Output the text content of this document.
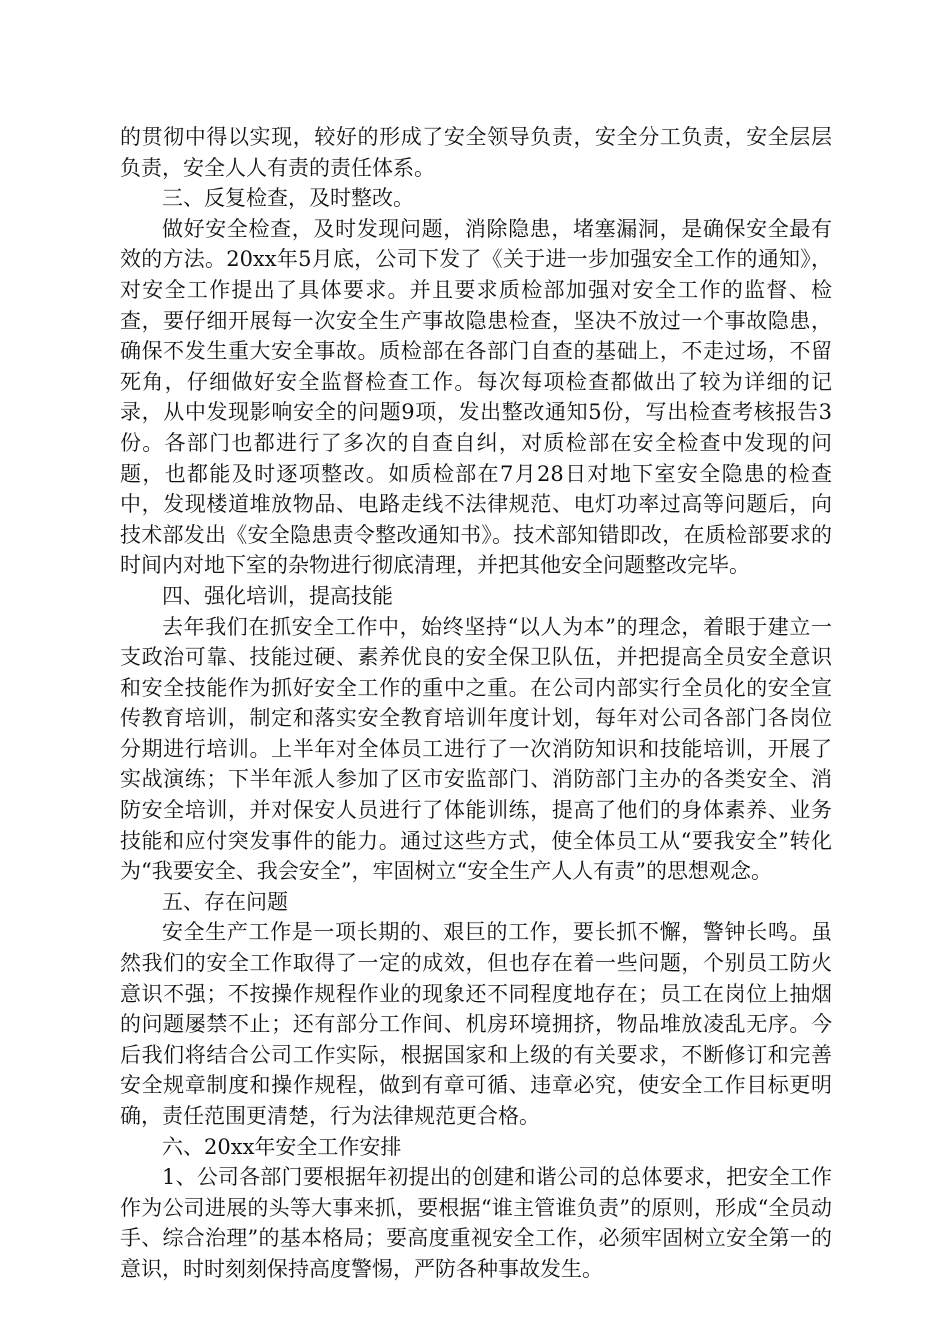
的贯彻中得以实现，较好的形成了安全领导负责，安全分工负责，安全层层负责，安全人人有责的责任体系。

三、反复检查，及时整改。

做好安全检查，及时发现问题，消除隐患，堵塞漏洞，是确保安全最有效的方法。20xx年5月底，公司下发了《关于进一步加强安全工作的通知》，对安全工作提出了具体要求。并且要求质检部加强对安全工作的监督、检查，要仔细开展每一次安全生产事故隐患检查，坚决不放过一个事故隐患，确保不发生重大安全事故。质检部在各部门自查的基础上，不走过场，不留死角，仔细做好安全监督检查工作。每次每项检查都做出了较为详细的记录，从中发现影响安全的问题9项，发出整改通知5份，写出检查考核报告3份。各部门也都进行了多次的自查自纠，对质检部在安全检查中发现的问题，也都能及时逐项整改。如质检部在7月28日对地下室安全隐患的检查中，发现楼道堆放物品、电路走线不法律规范、电灯功率过高等问题后，向技术部发出《安全隐患责令整改通知书》。技术部知错即改，在质检部要求的时间内对地下室的杂物进行彻底清理，并把其他安全问题整改完毕。

四、强化培训，提高技能

去年我们在抓安全工作中，始终坚持“以人为本”的理念，着眼于建立一支政治可靠、技能过硬、素养优良的安全保卫队伍，并把提高全员安全意识和安全技能作为抓好安全工作的重中之重。在公司内部实行全员化的安全宣传教育培训，制定和落实安全教育培训年度计划，每年对公司各部门各岗位分期进行培训。上半年对全体员工进行了一次消防知识和技能培训，开展了实战演练；下半年派人参加了区市安监部门、消防部门主办的各类安全、消防安全培训，并对保安人员进行了体能训练，提高了他们的身体素养、业务技能和应付突发事件的能力。通过这些方式，使全体员工从“要我安全”转化为“我要安全、我会安全”，牢固树立“安全生产人人有责”的思想观念。

五、存在问题

安全生产工作是一项长期的、艰巨的工作，要长抓不懈，警钟长鸣。虽然我们的安全工作取得了一定的成效，但也存在着一些问题，个别员工防火意识不强；不按操作规程作业的现象还不同程度地存在；员工在岗位上抽烟的问题屡禁不止；还有部分工作间、机房环境拥挤，物品堆放凌乱无序。今后我们将结合公司工作实际，根据国家和上级的有关要求，不断修订和完善安全规章制度和操作规程，做到有章可循、违章必究，使安全工作目标更明确，责任范围更清楚，行为法律规范更合格。

六、20xx年安全工作安排

1、公司各部门要根据年初提出的创建和谐公司的总体要求，把安全工作作为公司进展的头等大事来抓，要根据“谁主管谁负责”的原则，形成“全员动手、综合治理”的基本格局；要高度重视安全工作，必须牢固树立安全第一的意识，时时刻刻保持高度警惕，严防各种事故发生。
